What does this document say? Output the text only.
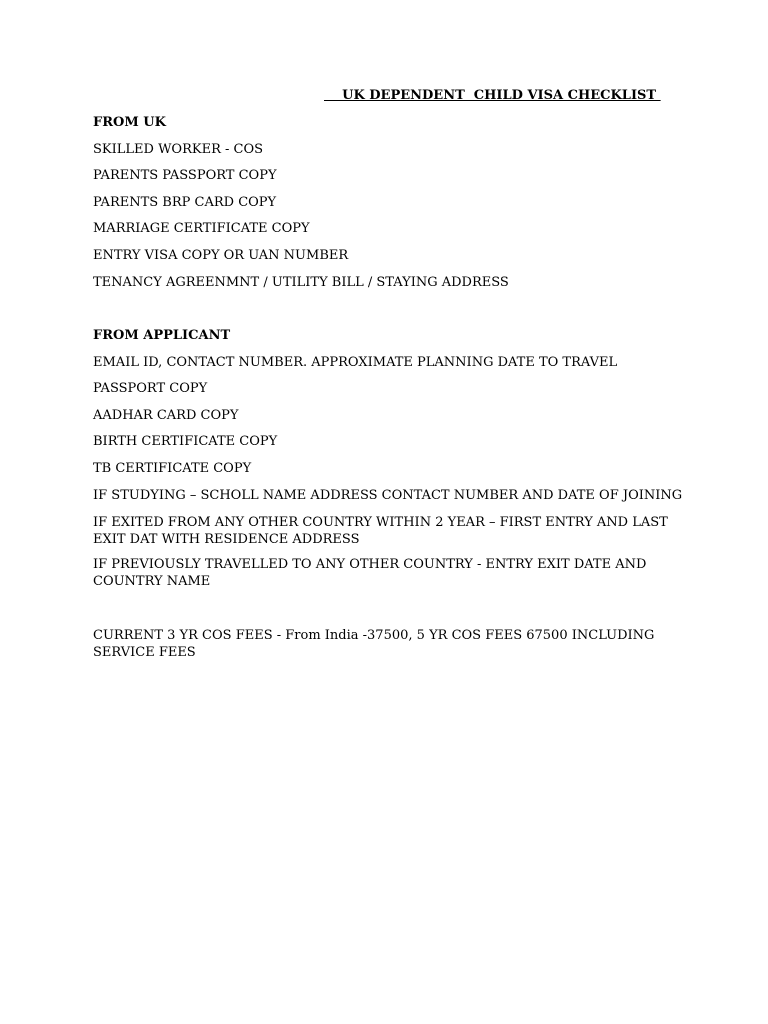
UK DEPENDENT  CHILD VISA CHECKLIST

FROM UK

SKILLED WORKER - COS

PARENTS PASSPORT COPY

PARENTS BRP CARD COPY

MARRIAGE CERTIFICATE COPY

ENTRY VISA COPY OR UAN NUMBER

TENANCY AGREENMNT / UTILITY BILL / STAYING ADDRESS

FROM APPLICANT

EMAIL ID, CONTACT NUMBER. APPROXIMATE PLANNING DATE TO TRAVEL

PASSPORT COPY

AADHAR CARD COPY

BIRTH CERTIFICATE COPY

TB CERTIFICATE COPY

IF STUDYING – SCHOLL NAME ADDRESS CONTACT NUMBER AND DATE OF JOINING

IF EXITED FROM ANY OTHER COUNTRY WITHIN 2 YEAR – FIRST ENTRY AND LAST EXIT DAT WITH RESIDENCE ADDRESS

IF PREVIOUSLY TRAVELLED TO ANY OTHER COUNTRY - ENTRY EXIT DATE AND COUNTRY NAME

CURRENT 3 YR COS FEES - From India -37500, 5 YR COS FEES 67500 INCLUDING SERVICE FEES
